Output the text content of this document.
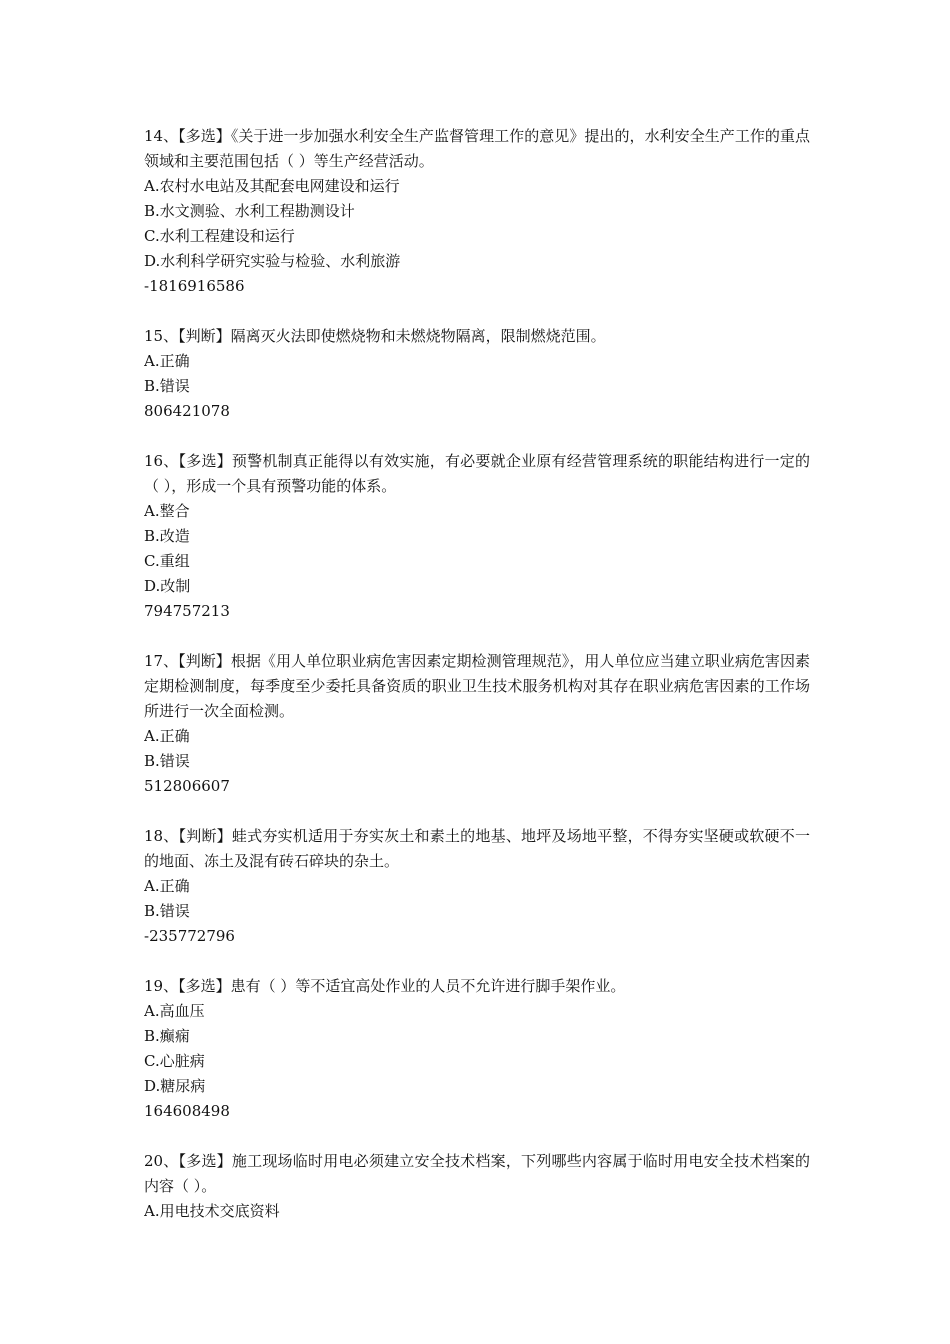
14、【多选】《关于进一步加强水利安全生产监督管理工作的意见》提出的，水利安全生产工作的重点领域和主要范围包括（ ）等生产经营活动。
A.农村水电站及其配套电网建设和运行
B.水文测验、水利工程勘测设计
C.水利工程建设和运行
D.水利科学研究实验与检验、水利旅游
-1816916586
15、【判断】隔离灭火法即使燃烧物和未燃烧物隔离，限制燃烧范围。
A.正确
B.错误
806421078
16、【多选】预警机制真正能得以有效实施，有必要就企业原有经营管理系统的职能结构进行一定的（ ），形成一个具有预警功能的体系。
A.整合
B.改造
C.重组
D.改制
794757213
17、【判断】根据《用人单位职业病危害因素定期检测管理规范》，用人单位应当建立职业病危害因素定期检测制度，每季度至少委托具备资质的职业卫生技术服务机构对其存在职业病危害因素的工作场所进行一次全面检测。
A.正确
B.错误
512806607
18、【判断】蛙式夯实机适用于夯实灰土和素土的地基、地坪及场地平整，不得夯实坚硬或软硬不一的地面、冻土及混有砖石碎块的杂土。
A.正确
B.错误
-235772796
19、【多选】患有（ ）等不适宜高处作业的人员不允许进行脚手架作业。
A.高血压
B.癫痫
C.心脏病
D.糖尿病
164608498
20、【多选】施工现场临时用电必须建立安全技术档案，下列哪些内容属于临时用电安全技术档案的内容（ ）。
A.用电技术交底资料
